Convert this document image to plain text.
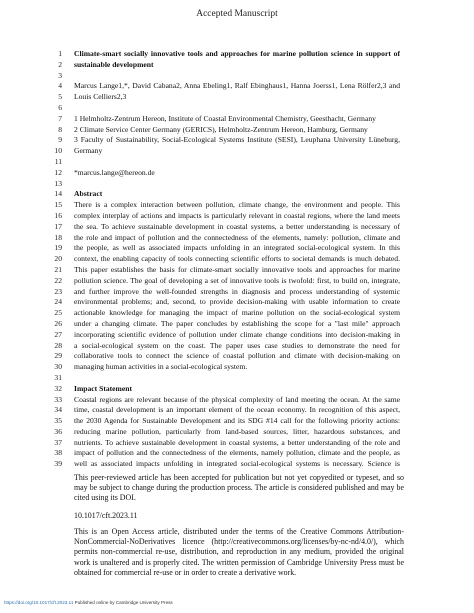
Accepted Manuscript
1 Climate-smart socially innovative tools and approaches for marine pollution science in support of
2 sustainable development
3
4 Marcus Lange1,*, David Cabana2, Anna Ebeling1, Ralf Ebinghaus1, Hanna Joerss1, Lena Rölfer2,3 and
5 Louis Celliers2,3
6
7 1 Helmholtz-Zentrum Hereon, Institute of Coastal Environmental Chemistry, Geesthacht, Germany
8 2 Climate Service Center Germany (GERICS), Helmholtz-Zentrum Hereon, Hamburg, Germany
9 3 Faculty of Sustainability, Social-Ecological Systems Institute (SESI), Leuphana University Lüneburg,
10 Germany
11
12 *marcus.lange@hereon.de
13
14 Abstract
15 There is a complex interaction between pollution, climate change, the environment and people. This
16 complex interplay of actions and impacts is particularly relevant in coastal regions, where the land meets
17 the sea. To achieve sustainable development in coastal systems, a better understanding is necessary of
18 the role and impact of pollution and the connectedness of the elements, namely: pollution, climate and
19 the people, as well as associated impacts unfolding in an integrated social-ecological system. In this
20 context, the enabling capacity of tools connecting scientific efforts to societal demands is much debated.
21 This paper establishes the basis for climate-smart socially innovative tools and approaches for marine
22 pollution science. The goal of developing a set of innovative tools is twofold: first, to build on, integrate,
23 and further improve the well-founded strengths in diagnosis and process understanding of systemic
24 environmental problems; and, second, to provide decision-making with usable information to create
25 actionable knowledge for managing the impact of marine pollution on the social-ecological system
26 under a changing climate. The paper concludes by establishing the scope for a "last mile" approach
27 incorporating scientific evidence of pollution under climate change conditions into decision-making in
28 a social-ecological system on the coast. The paper uses case studies to demonstrate the need for
29 collaborative tools to connect the science of coastal pollution and climate with decision-making on
30 managing human activities in a social-ecological system.
31
32 Impact Statement
33 Coastal regions are relevant because of the physical complexity of land meeting the ocean. At the same
34 time, coastal development is an important element of the ocean economy. In recognition of this aspect,
35 the 2030 Agenda for Sustainable Development and its SDG #14 call for the following priority actions:
36 reducing marine pollution, particularly from land-based sources, litter, hazardous substances, and
37 nutrients. To achieve sustainable development in coastal systems, a better understanding of the role and
38 impact of pollution and the connectedness of the elements, namely pollution, climate and the people, as
39 well as associated impacts unfolding in integrated social-ecological systems is necessary. Science is
This peer-reviewed article has been accepted for publication but not yet copyedited or typeset, and so may be subject to change during the production process. The article is considered published and may be cited using its DOI.
10.1017/cft.2023.11
This is an Open Access article, distributed under the terms of the Creative Commons Attribution-NonCommercial-NoDerivatives licence (http://creativecommons.org/licenses/by-nc-nd/4.0/), which permits non-commercial re-use, distribution, and reproduction in any medium, provided the original work is unaltered and is properly cited. The written permission of Cambridge University Press must be obtained for commercial re-use or in order to create a derivative work.
https://doi.org/10.1017/cft.2023.11 Published online by Cambridge University Press
